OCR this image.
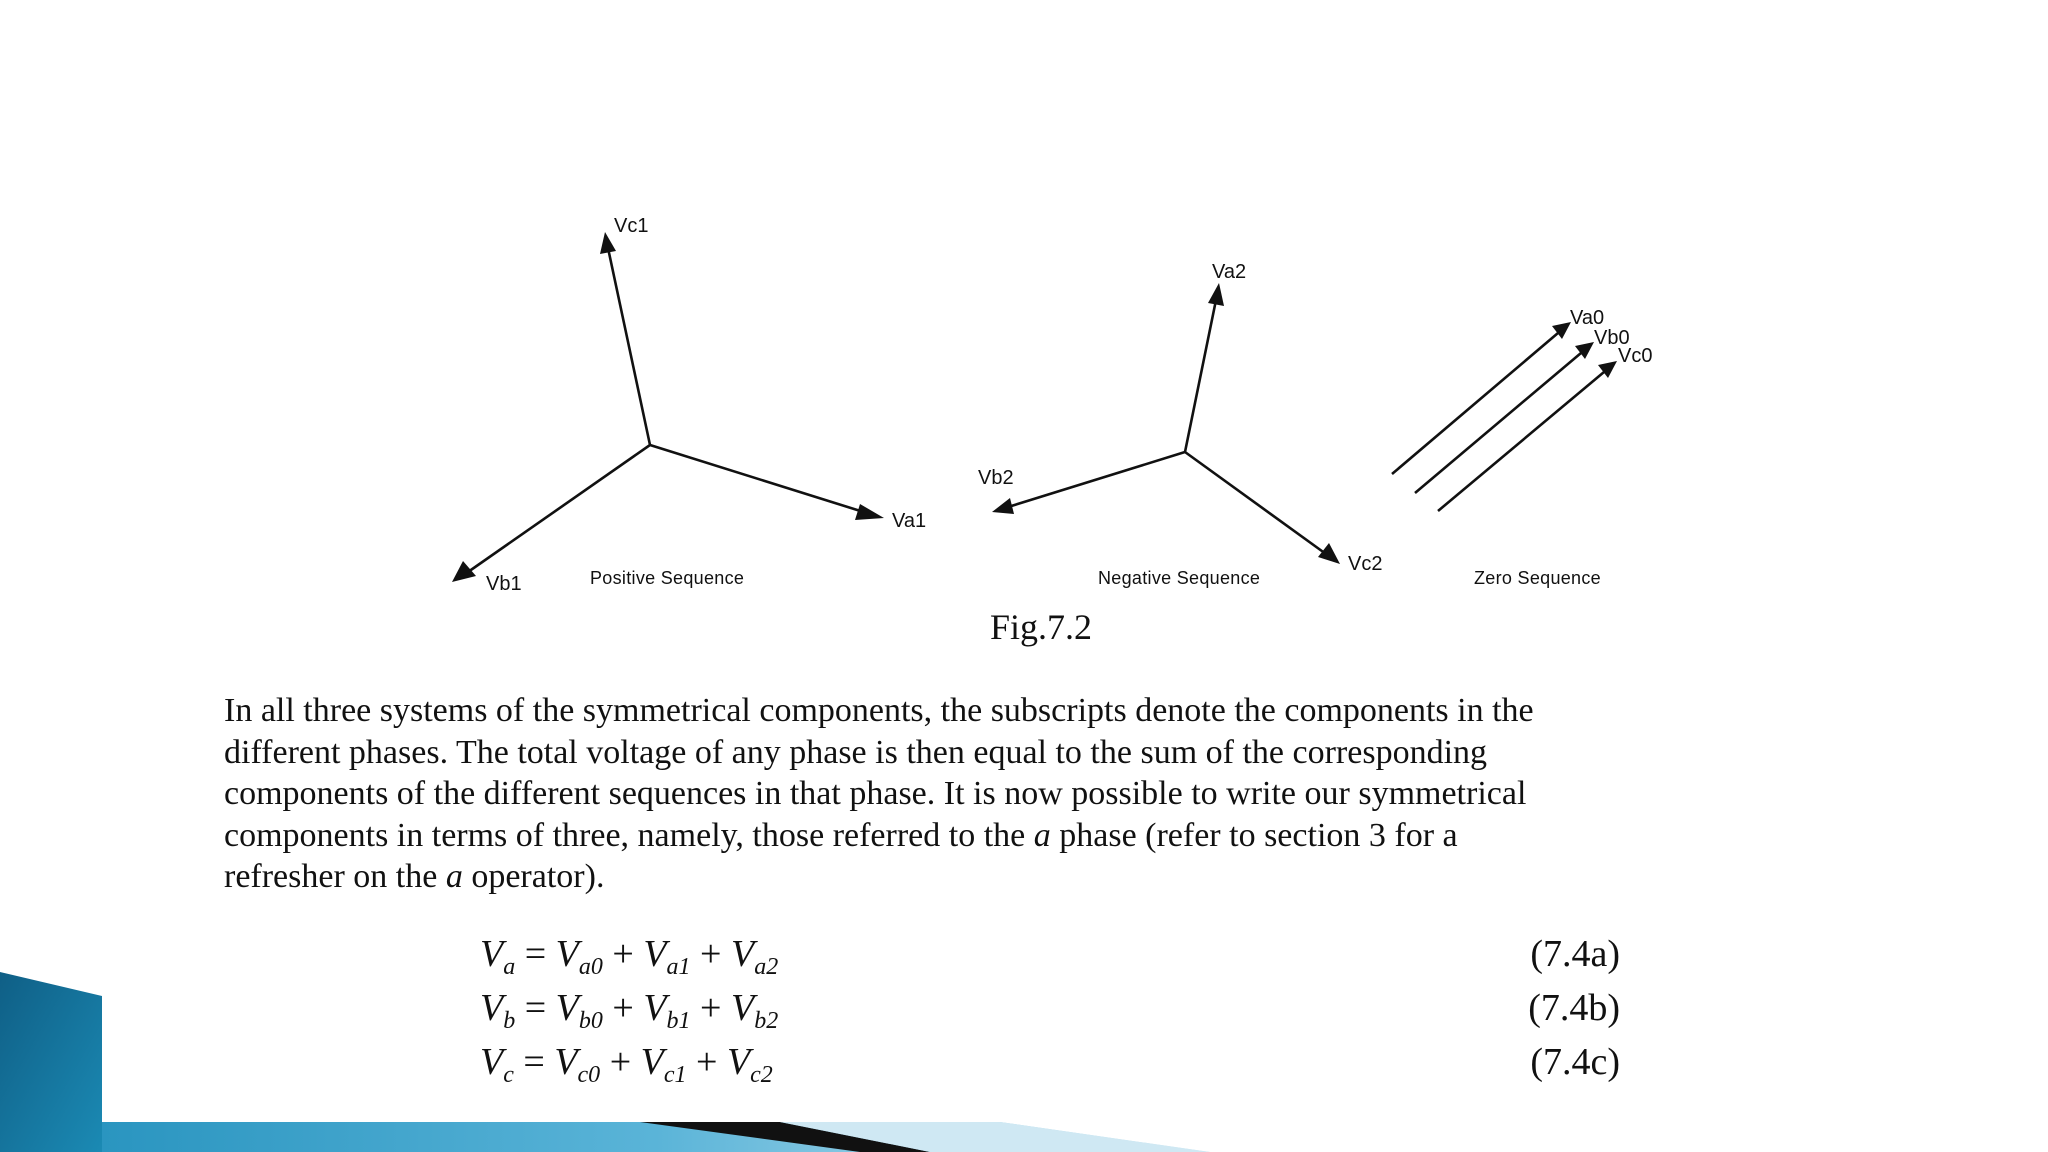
Va1
Vb1
Vc1
Positive Sequence
Va2
Vb2
Vc2
Negative Sequence
Va0
Vb0
Vc0
Zero Sequence
Fig.7.2

In all three systems of the symmetrical components, the subscripts denote the components in the

different phases. The total voltage of any phase is then equal to the sum of the corresponding

components of the different sequences in that phase. It is now possible to write our symmetrical

components in terms of three, namely, those referred to the a phase (refer to section 3 for a

refresher on the a operator).

$V_a = V_{a0} + V_{a1} + V_{a2}$	(7.4a)
$V_b = V_{b0} + V_{b1} + V_{b2}$	(7.4b)
$V_c = V_{c0} + V_{c1} + V_{c2}$	(7.4c)
